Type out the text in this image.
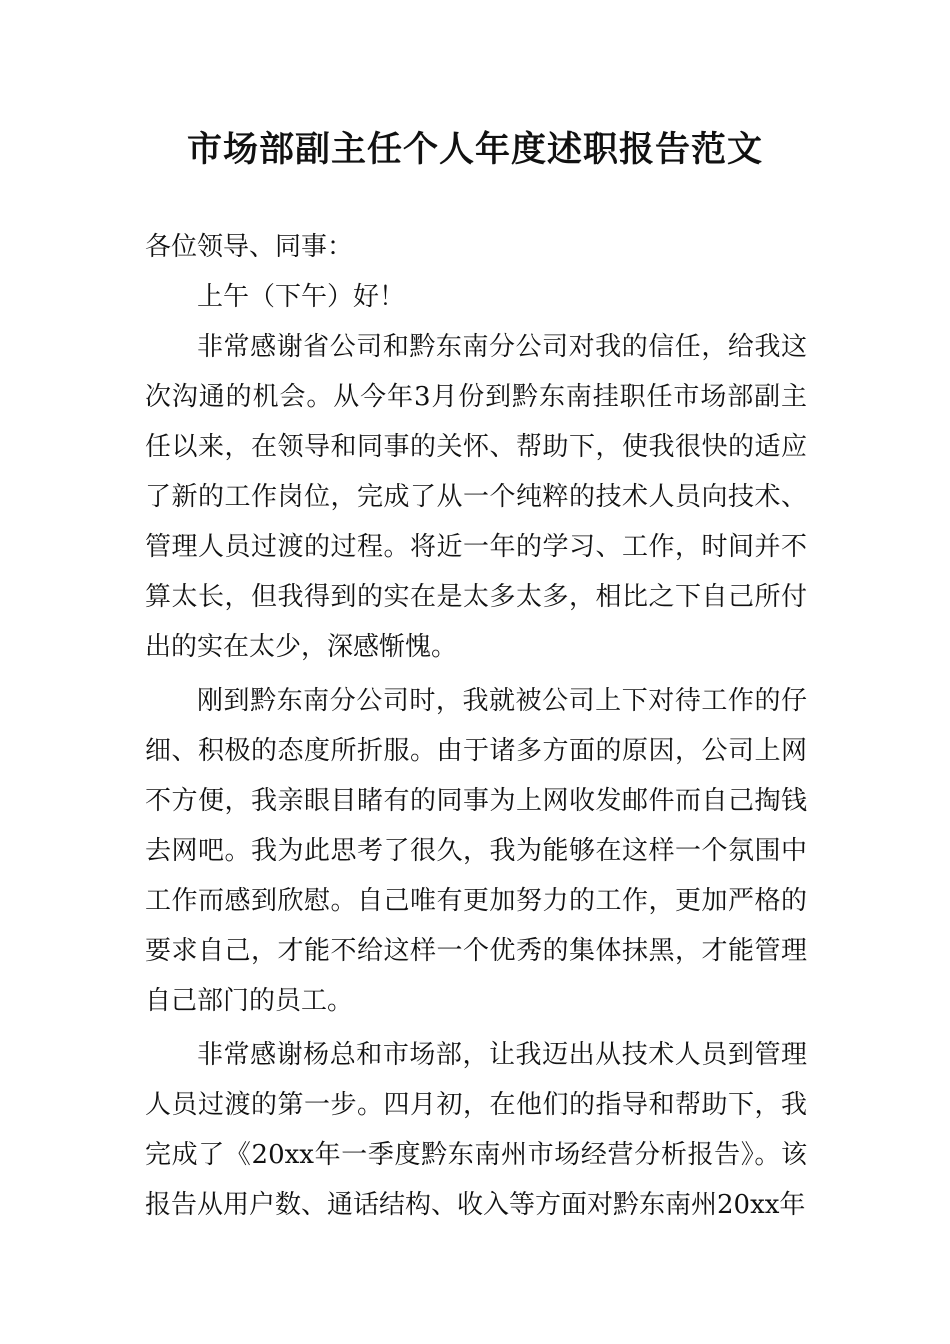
市场部副主任个人年度述职报告范文

各位领导、同事：

上午（下午）好！

非常感谢省公司和黔东南分公司对我的信任，给我这次沟通的机会。从今年3月份到黔东南挂职任市场部副主任以来，在领导和同事的关怀、帮助下，使我很快的适应了新的工作岗位，完成了从一个纯粹的技术人员向技术、管理人员过渡的过程。将近一年的学习、工作，时间并不算太长，但我得到的实在是太多太多，相比之下自己所付出的实在太少，深感惭愧。

刚到黔东南分公司时，我就被公司上下对待工作的仔细、积极的态度所折服。由于诸多方面的原因，公司上网不方便，我亲眼目睹有的同事为上网收发邮件而自己掏钱去网吧。我为此思考了很久，我为能够在这样一个氛围中工作而感到欣慰。自己唯有更加努力的工作，更加严格的要求自己，才能不给这样一个优秀的集体抹黑，才能管理自己部门的员工。

非常感谢杨总和市场部，让我迈出从技术人员到管理人员过渡的第一步。四月初，在他们的指导和帮助下，我完成了《20xx年一季度黔东南州市场经营分析报告》。该报告从用户数、通话结构、收入等方面对黔东南州20xx年
